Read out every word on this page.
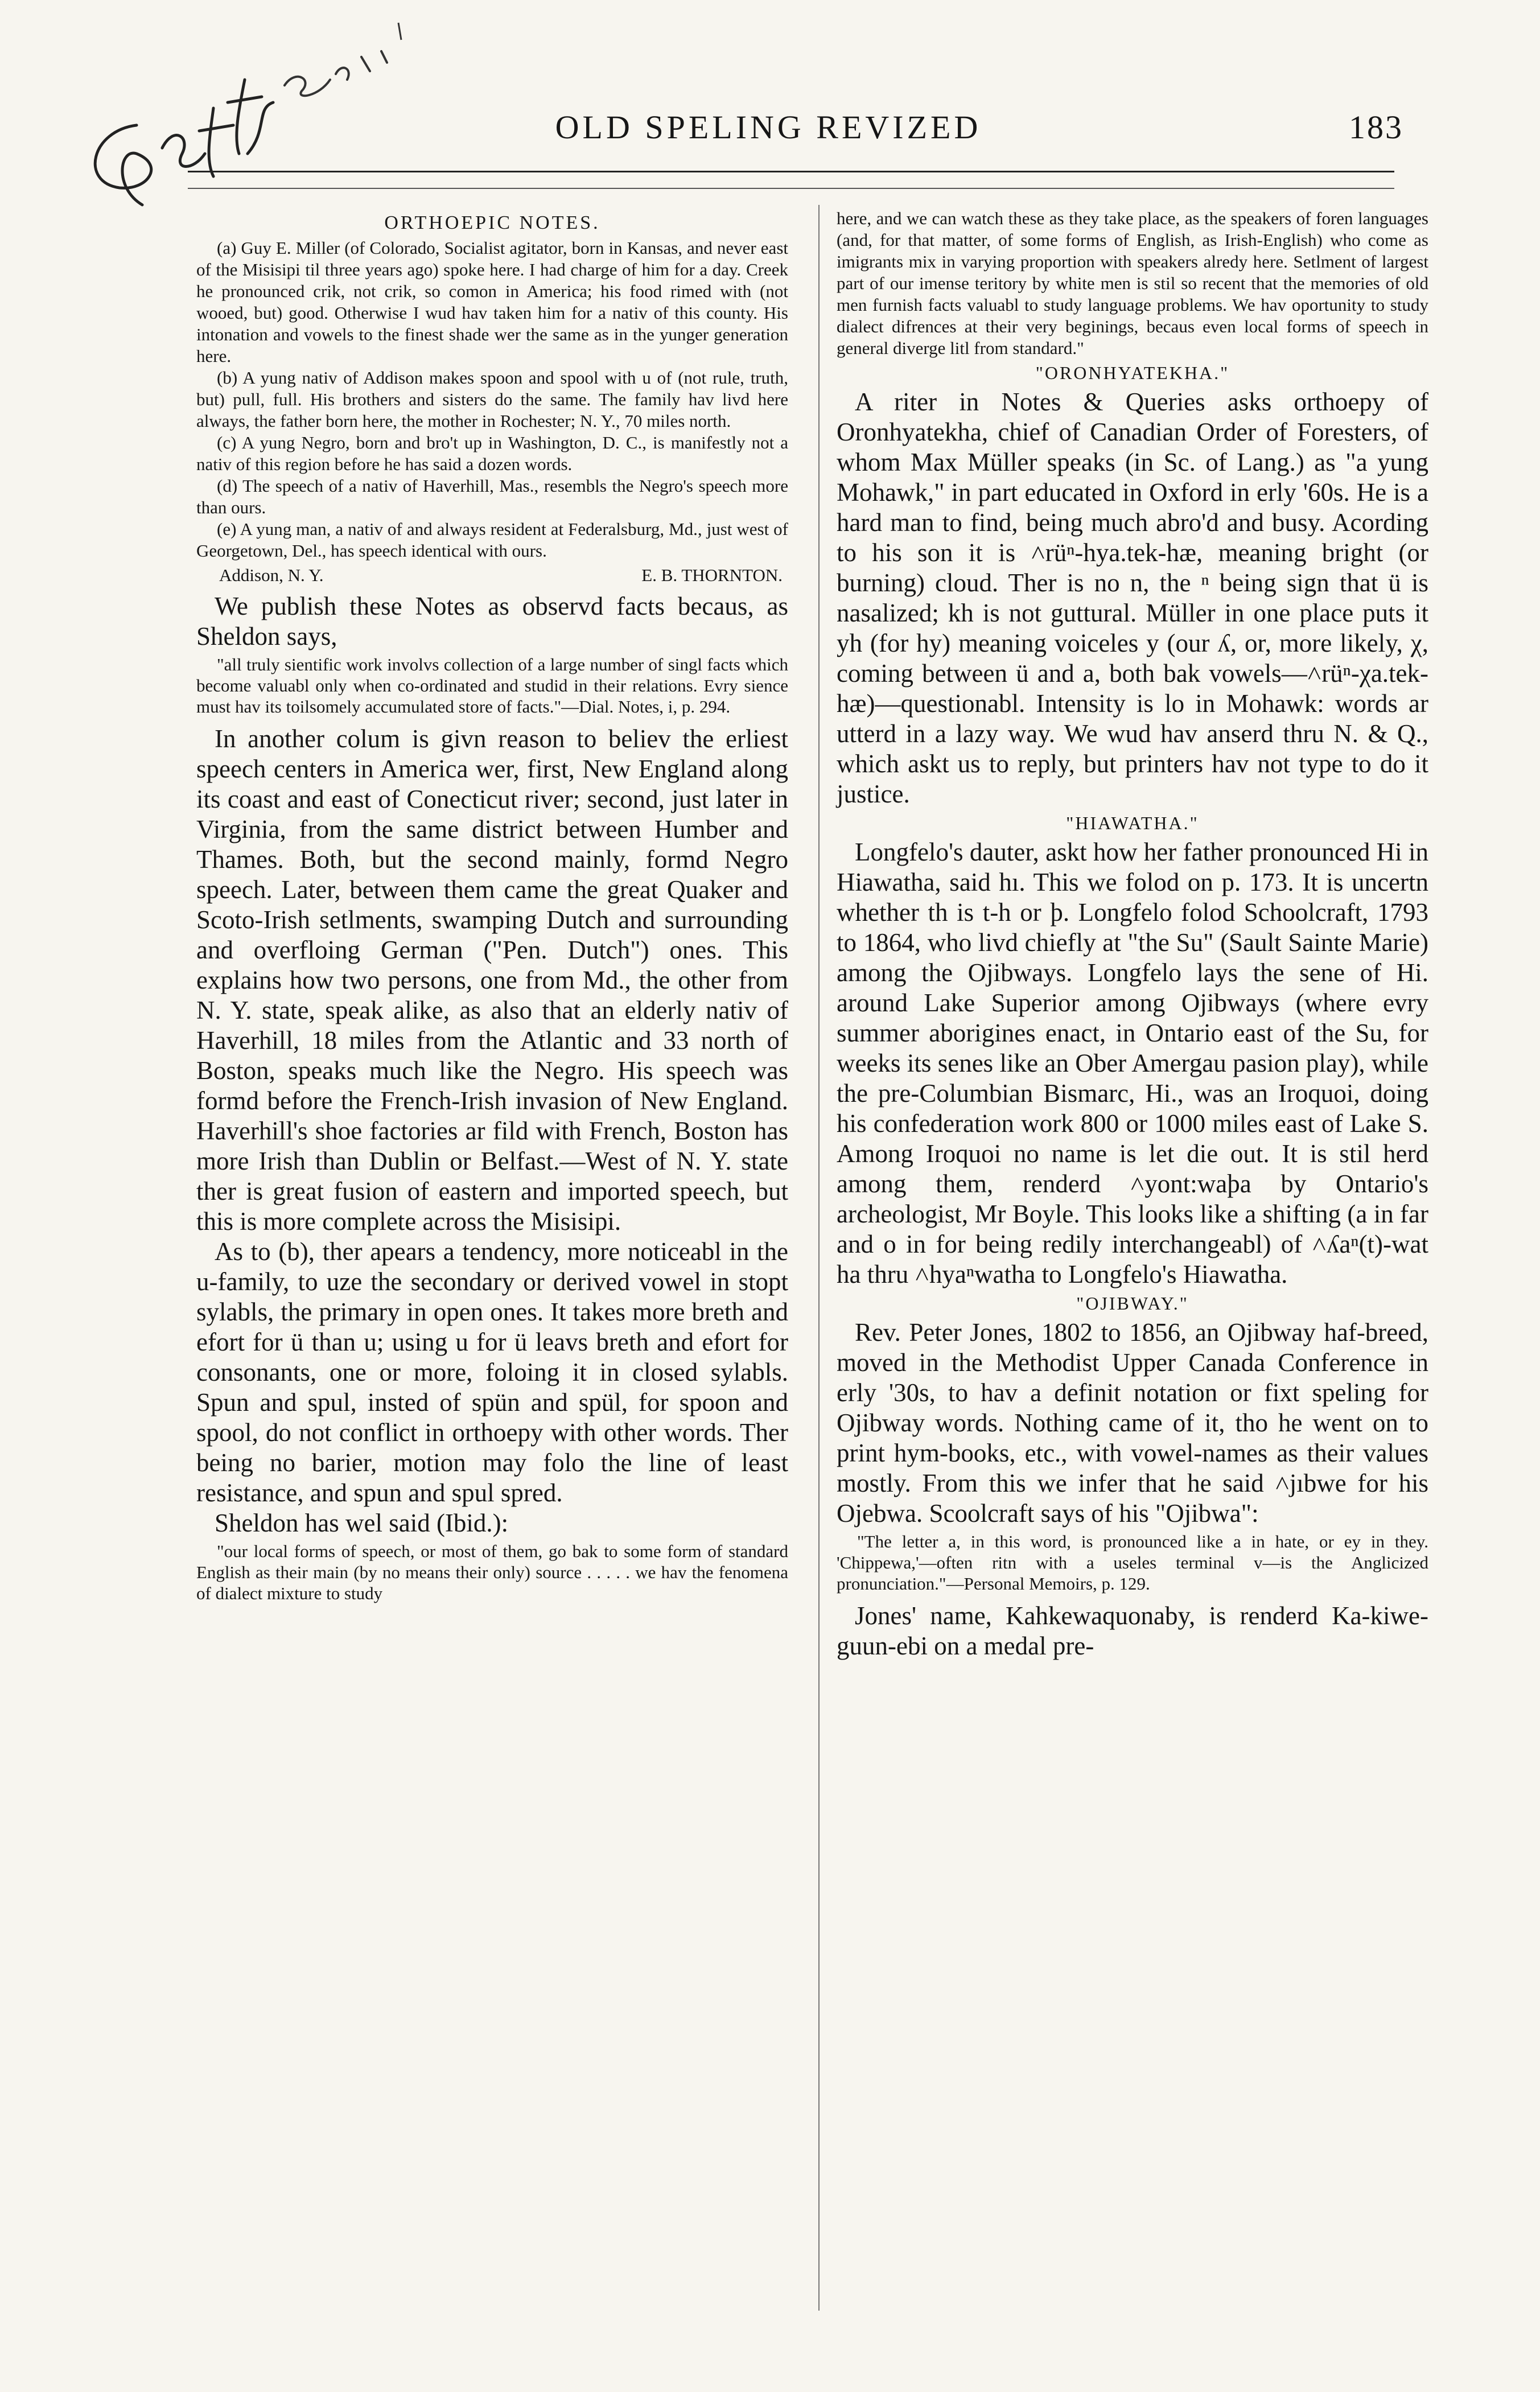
OLD SPELING REVIZED	183
ORTHOEPIC NOTES.

(a) Guy E. Miller (of Colorado, Socialist agitator, born in Kansas, and never east of the Misisipi til three years ago) spoke here. I had charge of him for a day. Creek he pronounced crik, not crik, so comon in America; his food rimed with (not wooed, but) good. Otherwise I wud hav taken him for a nativ of this county. His intonation and vowels to the finest shade wer the same as in the yunger generation here.

(b) A yung nativ of Addison makes spoon and spool with u of (not rule, truth, but) pull, full. His brothers and sisters do the same. The family hav livd here always, the father born here, the mother in Rochester; N. Y., 70 miles north.

(c) A yung Negro, born and bro't up in Washington, D. C., is manifestly not a nativ of this region before he has said a dozen words.

(d) The speech of a nativ of Haverhill, Mas., resembls the Negro's speech more than ours.

(e) A yung man, a nativ of and always resident at Federalsburg, Md., just west of Georgetown, Del., has speech identical with ours.

Addison, N. Y.	E. B. THORNTON.

We publish these Notes as observd facts becaus, as Sheldon says,

"all truly sientific work involvs collection of a large number of singl facts which become valuabl only when co-ordinated and studid in their relations. Evry sience must hav its toilsomely accumulated store of facts."—Dial. Notes, i, p. 294.

In another colum is givn reason to believ the erliest speech centers in America wer, first, New England along its coast and east of Conecticut river; second, just later in Virginia, from the same district between Humber and Thames. Both, but the second mainly, formd Negro speech. Later, between them came the great Quaker and Scoto-Irish setlments, swamping Dutch and surrounding and overfloing German ("Pen. Dutch") ones. This explains how two persons, one from Md., the other from N. Y. state, speak alike, as also that an elderly nativ of Haverhill, 18 miles from the Atlantic and 33 north of Boston, speaks much like the Negro. His speech was formd before the French-Irish invasion of New England. Haverhill's shoe factories ar fild with French, Boston has more Irish than Dublin or Belfast.—West of N. Y. state ther is great fusion of eastern and imported speech, but this is more complete across the Misisipi.

As to (b), ther apears a tendency, more noticeabl in the u-family, to uze the secondary or derived vowel in stopt sylabls, the primary in open ones. It takes more breth and efort for ü than u; using u for ü leavs breth and efort for consonants, one or more, foloing it in closed sylabls. Spun and spul, insted of spün and spül, for spoon and spool, do not conflict in orthoepy with other words. Ther being no barier, motion may folo the line of least resistance, and spun and spul spred.

Sheldon has wel said (Ibid.):

"our local forms of speech, or most of them, go bak to some form of standard English as their main (by no means their only) source . . . . . we hav the fenomena of dialect mixture to study

here, and we can watch these as they take place, as the speakers of foren languages (and, for that matter, of some forms of English, as Irish-English) who come as imigrants mix in varying proportion with speakers alredy here. Setlment of largest part of our imense teritory by white men is stil so recent that the memories of old men furnish facts valuabl to study language problems. We hav oportunity to study dialect difrences at their very beginings, becaus even local forms of speech in general diverge litl from standard."

"ORONHYATEKHA."

A riter in Notes & Queries asks orthoepy of Oronhyatekha, chief of Canadian Order of Foresters, of whom Max Müller speaks (in Sc. of Lang.) as "a yung Mohawk," in part educated in Oxford in erly '60s. He is a hard man to find, being much abro'd and busy. Acording to his son it is ˄rüⁿ-hya.tek-hæ, meaning bright (or burning) cloud. Ther is no n, the ⁿ being sign that ü is nasalized; kh is not guttural. Müller in one place puts it yh (for hy) meaning voiceles y (our ʎ, or, more likely, χ, coming between ü and a, both bak vowels—˄rüⁿ-χa.tek-hæ)—questionabl. Intensity is lo in Mohawk: words ar utterd in a lazy way. We wud hav anserd thru N. & Q., which askt us to reply, but printers hav not type to do it justice.

"HIAWATHA."

Longfelo's dauter, askt how her father pronounced Hi in Hiawatha, said hı. This we folod on p. 173. It is uncertn whether th is t-h or þ. Longfelo folod Schoolcraft, 1793 to 1864, who livd chiefly at "the Su" (Sault Sainte Marie) among the Ojibways. Longfelo lays the sene of Hi. around Lake Superior among Ojibways (where evry summer aborigines enact, in Ontario east of the Su, for weeks its senes like an Ober Amergau pasion play), while the pre-Columbian Bismarc, Hi., was an Iroquoi, doing his confederation work 800 or 1000 miles east of Lake S. Among Iroquoi no name is let die out. It is stil herd among them, renderd ˄yont:waþa by Ontario's archeologist, Mr Boyle. This looks like a shifting (a in far and o in for being redily interchangeabl) of ˄ʎaⁿ(t)-wat ha thru ˄hyaⁿwatha to Longfelo's Hiawatha.

"OJIBWAY."

Rev. Peter Jones, 1802 to 1856, an Ojibway haf-breed, moved in the Methodist Upper Canada Conference in erly '30s, to hav a definit notation or fixt speling for Ojibway words. Nothing came of it, tho he went on to print hym-books, etc., with vowel-names as their values mostly. From this we infer that he said ˄jıbwe for his Ojebwa. Scoolcraft says of his "Ojibwa":

"The letter a, in this word, is pronounced like a in hate, or ey in they. 'Chippewa,'—often ritn with a useles terminal v—is the Anglicized pronunciation."—Personal Memoirs, p. 129.

Jones' name, Kahkewaquonaby, is renderd Ka-kiwe-guun-ebi on a medal pre-
